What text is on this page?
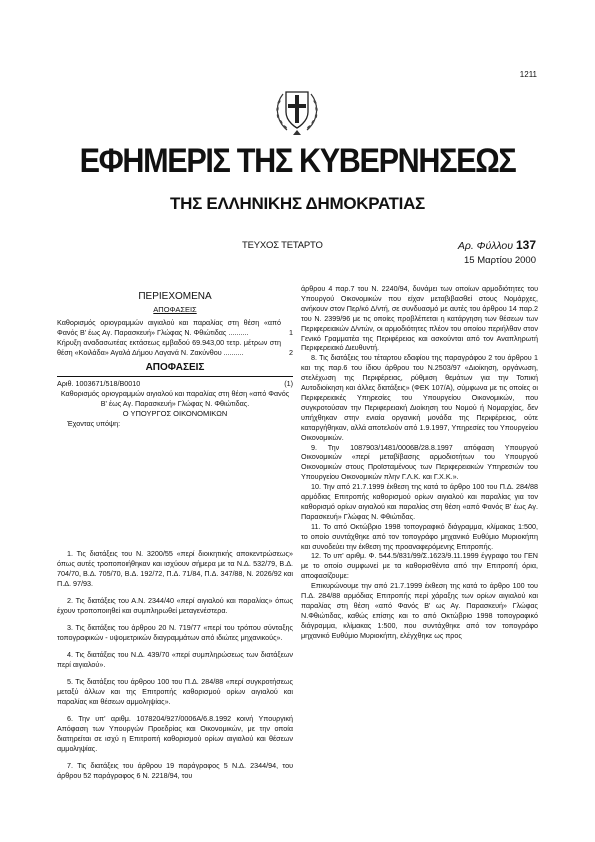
1211
ΕΦΗΜΕΡΙΣ ΤΗΣ ΚΥΒΕΡΝΗΣΕΩΣ
ΤΗΣ ΕΛΛΗΝΙΚΗΣ ΔΗΜΟΚΡΑΤΙΑΣ
ΤΕΥΧΟΣ ΤΕΤΑΡΤΟ	Αρ. Φύλλου 137
15 Μαρτίου 2000
ΠΕΡΙΕΧΟΜΕΝΑ
ΑΠΟΦΑΣΕΙΣ
Καθορισμός οριογραμμών αιγιαλού και παραλίας στη θέση «από Φανός Β' έως Αγ. Παρασκευή» Γλώφας Ν. Φθιώτιδας ..........	1
Κήρυξη αναδασωτέας εκτάσεως εμβαδού 69.943,00 τετρ. μέτρων στη θέση «Κοιλάδα» Αγαλά Δήμου Λαγανά Ν. Ζακύνθου ..........	2
ΑΠΟΦΑΣΕΙΣ
Αριθ. 1003671/518/Β0010	(1)

Καθορισμός οριογραμμών αιγιαλού και παραλίας στη θέση «από Φανός Β' έως Αγ. Παρασκευή» Γλώφας Ν. Φθιώτιδας.

Ο ΥΠΟΥΡΓΟΣ ΟΙΚΟΝΟΜΙΚΩΝ

Έχοντας υπόψη:

1. Τις διατάξεις του Ν. 3200/55 «περί διοικητικής αποκεντρώσεως» όπως αυτές τροποποιήθηκαν και ισχύουν σήμερα με τα Ν.Δ. 532/79, Β.Δ. 704/70, Β.Δ. 705/70, Β.Δ. 192/72, Π.Δ. 71/84, Π.Δ. 347/88, Ν. 2026/92 και Π.Δ. 97/93.

2. Τις διατάξεις του Α.Ν. 2344/40 «περί αιγιαλού και παραλίας» όπως έχουν τροποποιηθεί και συμπληρωθεί μεταγενέστερα.

3. Τις διατάξεις του άρθρου 20 Ν. 719/77 «περί του τρόπου σύνταξης τοπογραφικών - υψομετρικών διαγραμμάτων από ιδιώτες μηχανικούς».

4. Τις διατάξεις του Ν.Δ. 439/70 «περί συμπληρώσεως των διατάξεων περί αιγιαλού».

5. Τις διατάξεις του άρθρου 100 του Π.Δ. 284/88 «περί συγκροτήσεως μεταξύ άλλων και της Επιτροπής καθορισμού ορίων αιγιαλού και παραλίας και θέσεων αμμοληψίας».

6. Την υπ' αριθμ. 1078204/927/0006Α/6.8.1992 κοινή Υπουργική Απόφαση των Υπουργών Προεδρίας και Οικονομικών, με την οποία διατηρείται σε ισχύ η Επιτροπή καθορισμού ορίων αιγιαλού και θέσεων αμμοληψίας.

7. Τις διατάξεις του άρθρου 19 παράγραφος 5 Ν.Δ. 2344/94, του άρθρου 52 παράγραφος 6 Ν. 2218/94, του

άρθρου 4 παρ.7 του Ν. 2240/94, δυνάμει των οποίων αρμοδιότητες του Υπουργού Οικονομικών που είχαν μεταβιβασθεί στους Νομάρχες, ανήκουν στον Περ/κό Δ/ντή, σε συνδυασμό με αυτές του άρθρου 14 παρ.2 του Ν. 2399/96 με τις οποίες προβλέπεται η κατάργηση των θέσεων των Περιφερειακών Δ/ντών, οι αρμοδιότητες πλέον του οποίου περιήλθαν στον Γενικό Γραμματέα της Περιφέρειας και ασκούνται από τον Αναπληρωτή Περιφερειακό Διευθυντή.

8. Τις διατάξεις του τέταρτου εδαφίου της παραγράφου 2 του άρθρου 1 και της παρ.6 του ίδιου άρθρου του Ν.2503/97 «Διοίκηση, οργάνωση, στελέχωση της Περιφέρειας, ρύθμιση θεμάτων για την Τοπική Αυτοδιοίκηση και άλλες διατάξεις» (ΦΕΚ 107/Α), σύμφωνα με τις οποίες οι Περιφερειακές Υπηρεσίες του Υπουργείου Οικονομικών, που συγκροτούσαν την Περιφερειακή Διοίκηση του Νομού ή Νομαρχίας, δεν υπήχθηκαν στην ενιαία οργανική μονάδα της Περιφέρειας, ούτε καταργήθηκαν, αλλά αποτελούν από 1.9.1997, Υπηρεσίες του Υπουργείου Οικονομικών.

9. Την 1087903/1481/0006Β/28.8.1997 απόφαση Υπουργού Οικονομικών «περί μεταβίβασης αρμοδιοτήτων του Υπουργού Οικονομικών στους Προϊσταμένους των Περιφερειακών Υπηρεσιών του Υπουργείου Οικονομικών πλην Γ.Λ.Κ. και Γ.Χ.Κ.».

10. Την από 21.7.1999 έκθεση της κατά το άρθρο 100 του Π.Δ. 284/88 αρμόδιας Επιτροπής καθορισμού ορίων αιγιαλού και παραλίας για τον καθορισμό ορίων αιγιαλού και παραλίας στη θέση «από Φανός Β' έως Αγ. Παρασκευή» Γλώφας Ν. Φθιώτιδας.

11. Το από Οκτώβριο 1998 τοπογραφικό διάγραμμα, κλίμακας 1:500, το οποίο συντάχθηκε από τον τοπογράφο μηχανικό Ευθύμιο Μυριοκήπη και συνοδεύει την έκθεση της προαναφερόμενης Επιτροπής.

12. Το υπ' αριθμ. Φ. 544.5/831/99/Σ.1623/9.11.1999 έγγραφο του ΓΕΝ με το οποίο συμφωνεί με τα καθορισθέντα από την Επιτροπή όρια, αποφασίζουμε:

Επικυρώνουμε την από 21.7.1999 έκθεση της κατά το άρθρο 100 του Π.Δ. 284/88 αρμόδιας Επιτροπής περί χάραξης των ορίων αιγιαλού και παραλίας στη θέση «από Φανός Β' ως Αγ. Παρασκευή» Γλώφας Ν.Φθιώτιδας, καθώς επίσης και το από Οκτώβριο 1998 τοπογραφικό διάγραμμα, κλίμακας 1:500, που συντάχθηκε από τον τοπογράφο μηχανικό Ευθύμιο Μυριοκήπη, ελέγχθηκε ως προς
